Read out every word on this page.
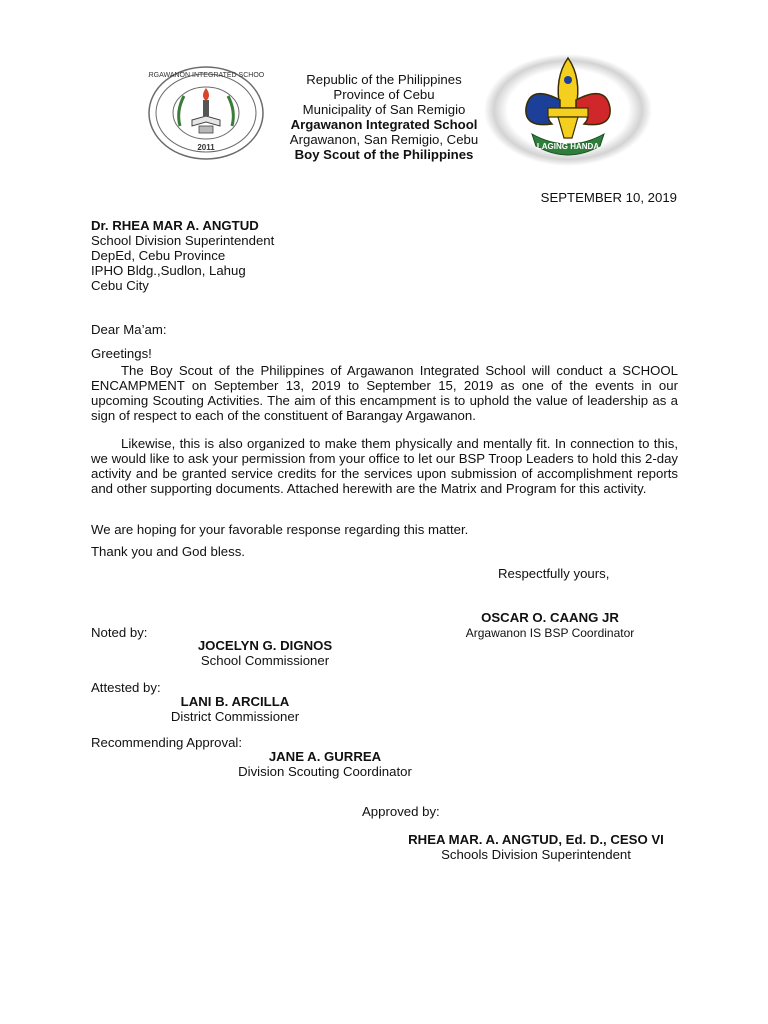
ARGAWANON INTEGRATED SCHOOL
2011	LAGING HANDA
Republic of the Philippines
Province of Cebu
Municipality of San Remigio
Argawanon Integrated School
Argawanon, San Remigio, Cebu
Boy Scout of the Philippines
SEPTEMBER 10, 2019
Dr. RHEA MAR A. ANGTUD
School Division Superintendent
DepEd, Cebu Province
IPHO Bldg.,Sudlon, Lahug
Cebu City
Dear Ma’am:
Greetings!
The Boy Scout of the Philippines of Argawanon Integrated School will conduct a SCHOOL ENCAMPMENT on September 13, 2019 to September 15, 2019 as one of the events in our upcoming Scouting Activities. The aim of this encampment is to uphold the value of leadership as a sign of respect to each of the constituent of Barangay Argawanon.
Likewise, this is also organized to make them physically and mentally fit. In connection to this, we would like to ask your permission from your office to let our BSP Troop Leaders to hold this 2-day activity and be granted service credits for the services upon submission of accomplishment reports and other supporting documents. Attached herewith are the Matrix and Program for this activity.
We are hoping for your favorable response regarding this matter.
Thank you and God bless.
Respectfully yours,
OSCAR O. CAANG JR
Argawanon IS BSP Coordinator
Noted by:
JOCELYN G. DIGNOS
School Commissioner
Attested by:
LANI B. ARCILLA
District Commissioner
Recommending Approval:
JANE A. GURREA
Division Scouting Coordinator
Approved by:
RHEA MAR. A. ANGTUD, Ed. D., CESO VI
Schools Division Superintendent
